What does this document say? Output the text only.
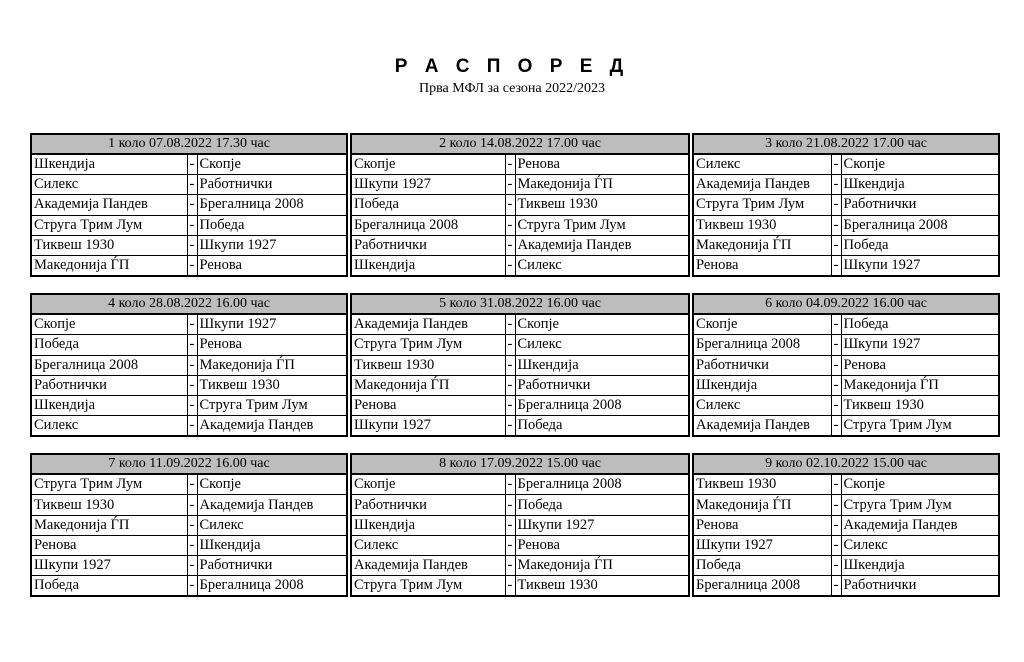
Р А С П О Р Е Д
Прва МФЛ за сезона 2022/2023
1 коло 07.08.2022 17.30 час		
Шкендија	-	Скопје
Силекс	-	Работнички
Академија Пандев	-	Брегалница 2008
Струга Трим Лум	-	Победа
Тиквеш 1930	-	Шкупи 1927
Македонија ЃП	-	Ренова
2 коло 14.08.2022 17.00 час		
Скопје	-	Ренова
Шкупи 1927	-	Македонија ЃП
Победа	-	Тиквеш 1930
Брегалница 2008	-	Струга Трим Лум
Работнички	-	Академија Пандев
Шкендија	-	Силекс
3 коло 21.08.2022 17.00 час		
Силекс	-	Скопје
Академија Пандев	-	Шкендија
Струга Трим Лум	-	Работнички
Тиквеш 1930	-	Брегалница 2008
Македонија ЃП	-	Победа
Ренова	-	Шкупи 1927
4 коло 28.08.2022 16.00 час		
Скопје	-	Шкупи 1927
Победа	-	Ренова
Брегалница 2008	-	Македонија ЃП
Работнички	-	Тиквеш 1930
Шкендија	-	Струга Трим Лум
Силекс	-	Академија Пандев
5 коло 31.08.2022 16.00 час		
Академија Пандев	-	Скопје
Струга Трим Лум	-	Силекс
Тиквеш 1930	-	Шкендија
Македонија ЃП	-	Работнички
Ренова	-	Брегалница 2008
Шкупи 1927	-	Победа
6 коло 04.09.2022 16.00 час		
Скопје	-	Победа
Брегалница 2008	-	Шкупи 1927
Работнички	-	Ренова
Шкендија	-	Македонија ЃП
Силекс	-	Тиквеш 1930
Академија Пандев	-	Струга Трим Лум
7 коло 11.09.2022 16.00 час		
Струга Трим Лум	-	Скопје
Тиквеш 1930	-	Академија Пандев
Македонија ЃП	-	Силекс
Ренова	-	Шкендија
Шкупи 1927	-	Работнички
Победа	-	Брегалница 2008
8 коло 17.09.2022 15.00 час		
Скопје	-	Брегалница 2008
Работнички	-	Победа
Шкендија	-	Шкупи 1927
Силекс	-	Ренова
Академија Пандев	-	Македонија ЃП
Струга Трим Лум	-	Тиквеш 1930
9 коло 02.10.2022 15.00 час		
Тиквеш 1930	-	Скопје
Македонија ЃП	-	Струга Трим Лум
Ренова	-	Академија Пандев
Шкупи 1927	-	Силекс
Победа	-	Шкендија
Брегалница 2008	-	Работнички
